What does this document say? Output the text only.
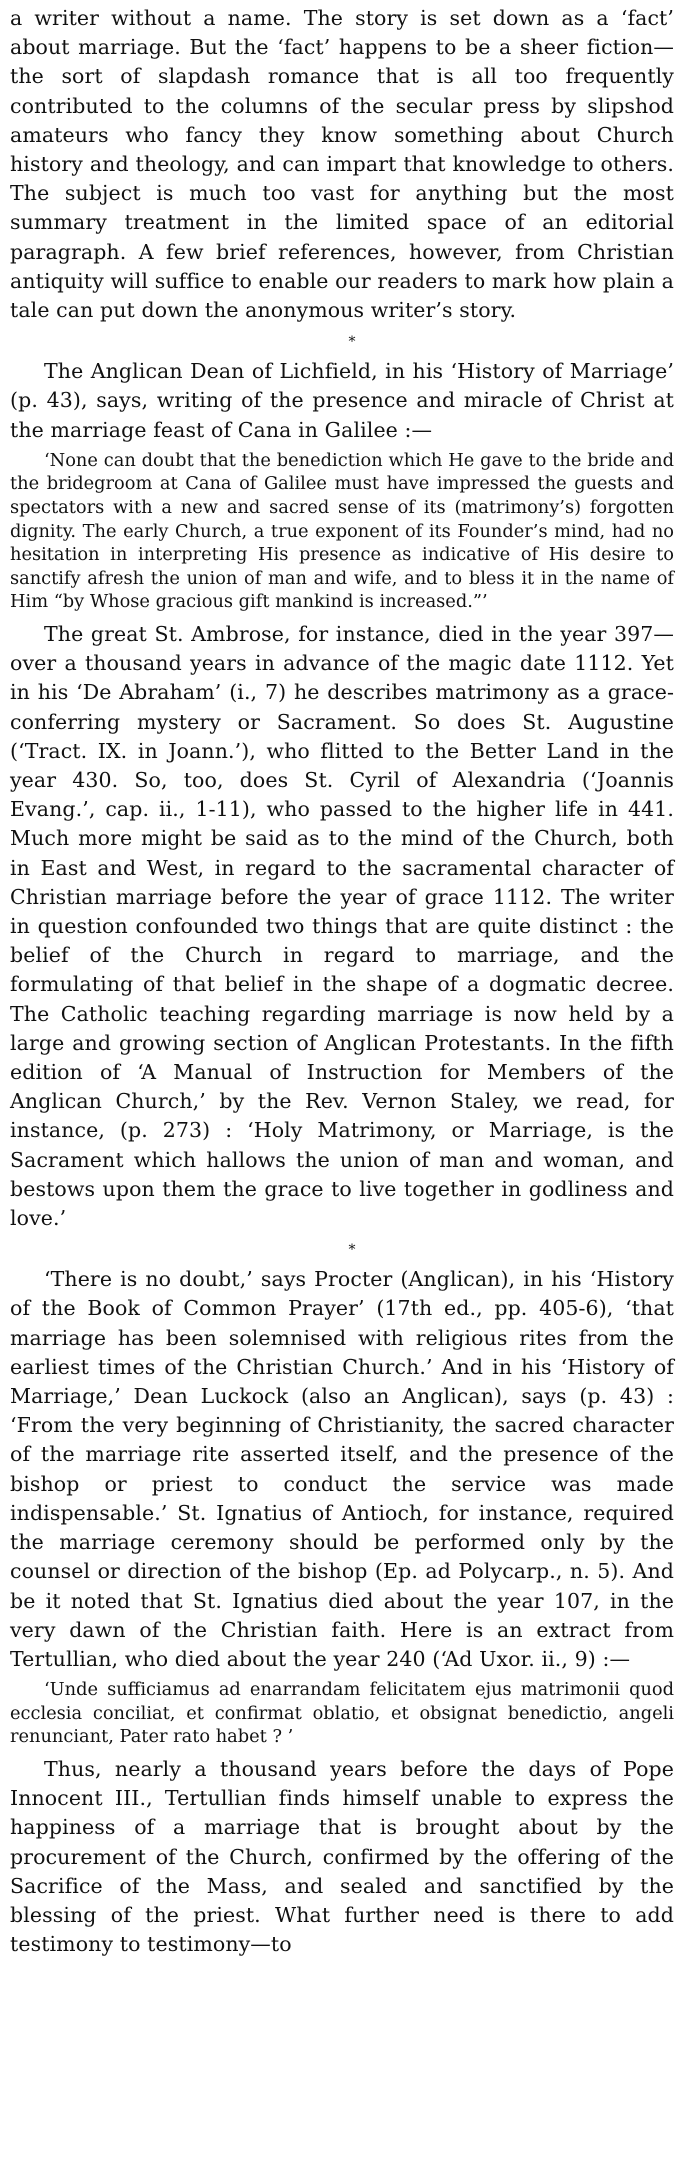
a writer without a name. The story is set down as a ‘fact’ about marriage. But the ‘fact’ happens to be a sheer fiction—the sort of slapdash romance that is all too frequently contributed to the columns of the secular press by slipshod amateurs who fancy they know something about Church history and theology, and can impart that knowledge to others. The subject is much too vast for anything but the most summary treatment in the limited space of an editorial paragraph. A few brief references, however, from Christian antiquity will suffice to enable our readers to mark how plain a tale can put down the anonymous writer’s story.

*

The Anglican Dean of Lichfield, in his ‘History of Marriage’ (p. 43), says, writing of the presence and miracle of Christ at the marriage feast of Cana in Galilee :—

‘None can doubt that the benediction which He gave to the bride and the bridegroom at Cana of Galilee must have impressed the guests and spectators with a new and sacred sense of its (matrimony’s) forgotten dignity. The early Church, a true exponent of its Founder’s mind, had no hesitation in interpreting His presence as indicative of His desire to sanctify afresh the union of man and wife, and to bless it in the name of Him “by Whose gracious gift mankind is increased.”’

The great St. Ambrose, for instance, died in the year 397—over a thousand years in advance of the magic date 1112. Yet in his ‘De Abraham’ (i., 7) he describes matrimony as a grace-conferring mystery or Sacrament. So does St. Augustine (‘Tract. IX. in Joann.’), who flitted to the Better Land in the year 430. So, too, does St. Cyril of Alexandria (‘Joannis Evang.’, cap. ii., 1-11), who passed to the higher life in 441. Much more might be said as to the mind of the Church, both in East and West, in regard to the sacramental character of Christian marriage before the year of grace 1112. The writer in question confounded two things that are quite distinct : the belief of the Church in regard to marriage, and the formulating of that belief in the shape of a dogmatic decree. The Catholic teaching regarding marriage is now held by a large and growing section of Anglican Protestants. In the fifth edition of ‘A Manual of Instruction for Members of the Anglican Church,’ by the Rev. Vernon Staley, we read, for instance, (p. 273) : ‘Holy Matrimony, or Marriage, is the Sacrament which hallows the union of man and woman, and bestows upon them the grace to live together in godliness and love.’

*

‘There is no doubt,’ says Procter (Anglican), in his ‘History of the Book of Common Prayer’ (17th ed., pp. 405-6), ‘that marriage has been solemnised with religious rites from the earliest times of the Christian Church.’ And in his ‘History of Marriage,’ Dean Luckock (also an Anglican), says (p. 43) : ‘From the very beginning of Christianity, the sacred character of the marriage rite asserted itself, and the presence of the bishop or priest to conduct the service was made indispensable.’ St. Ignatius of Antioch, for instance, required the marriage ceremony should be performed only by the counsel or direction of the bishop (Ep. ad Polycarp., n. 5). And be it noted that St. Ignatius died about the year 107, in the very dawn of the Christian faith. Here is an extract from Tertullian, who died about the year 240 (‘Ad Uxor. ii., 9) :—

‘Unde sufficiamus ad enarrandam felicitatem ejus matrimonii quod ecclesia conciliat, et confirmat oblatio, et obsignat benedictio, angeli renunciant, Pater rato habet ? ’

Thus, nearly a thousand years before the days of Pope Innocent III., Tertullian finds himself unable to express the happiness of a marriage that is brought about by the procurement of the Church, confirmed by the offering of the Sacrifice of the Mass, and sealed and sanctified by the blessing of the priest. What further need is there to add testimony to testimony—to
